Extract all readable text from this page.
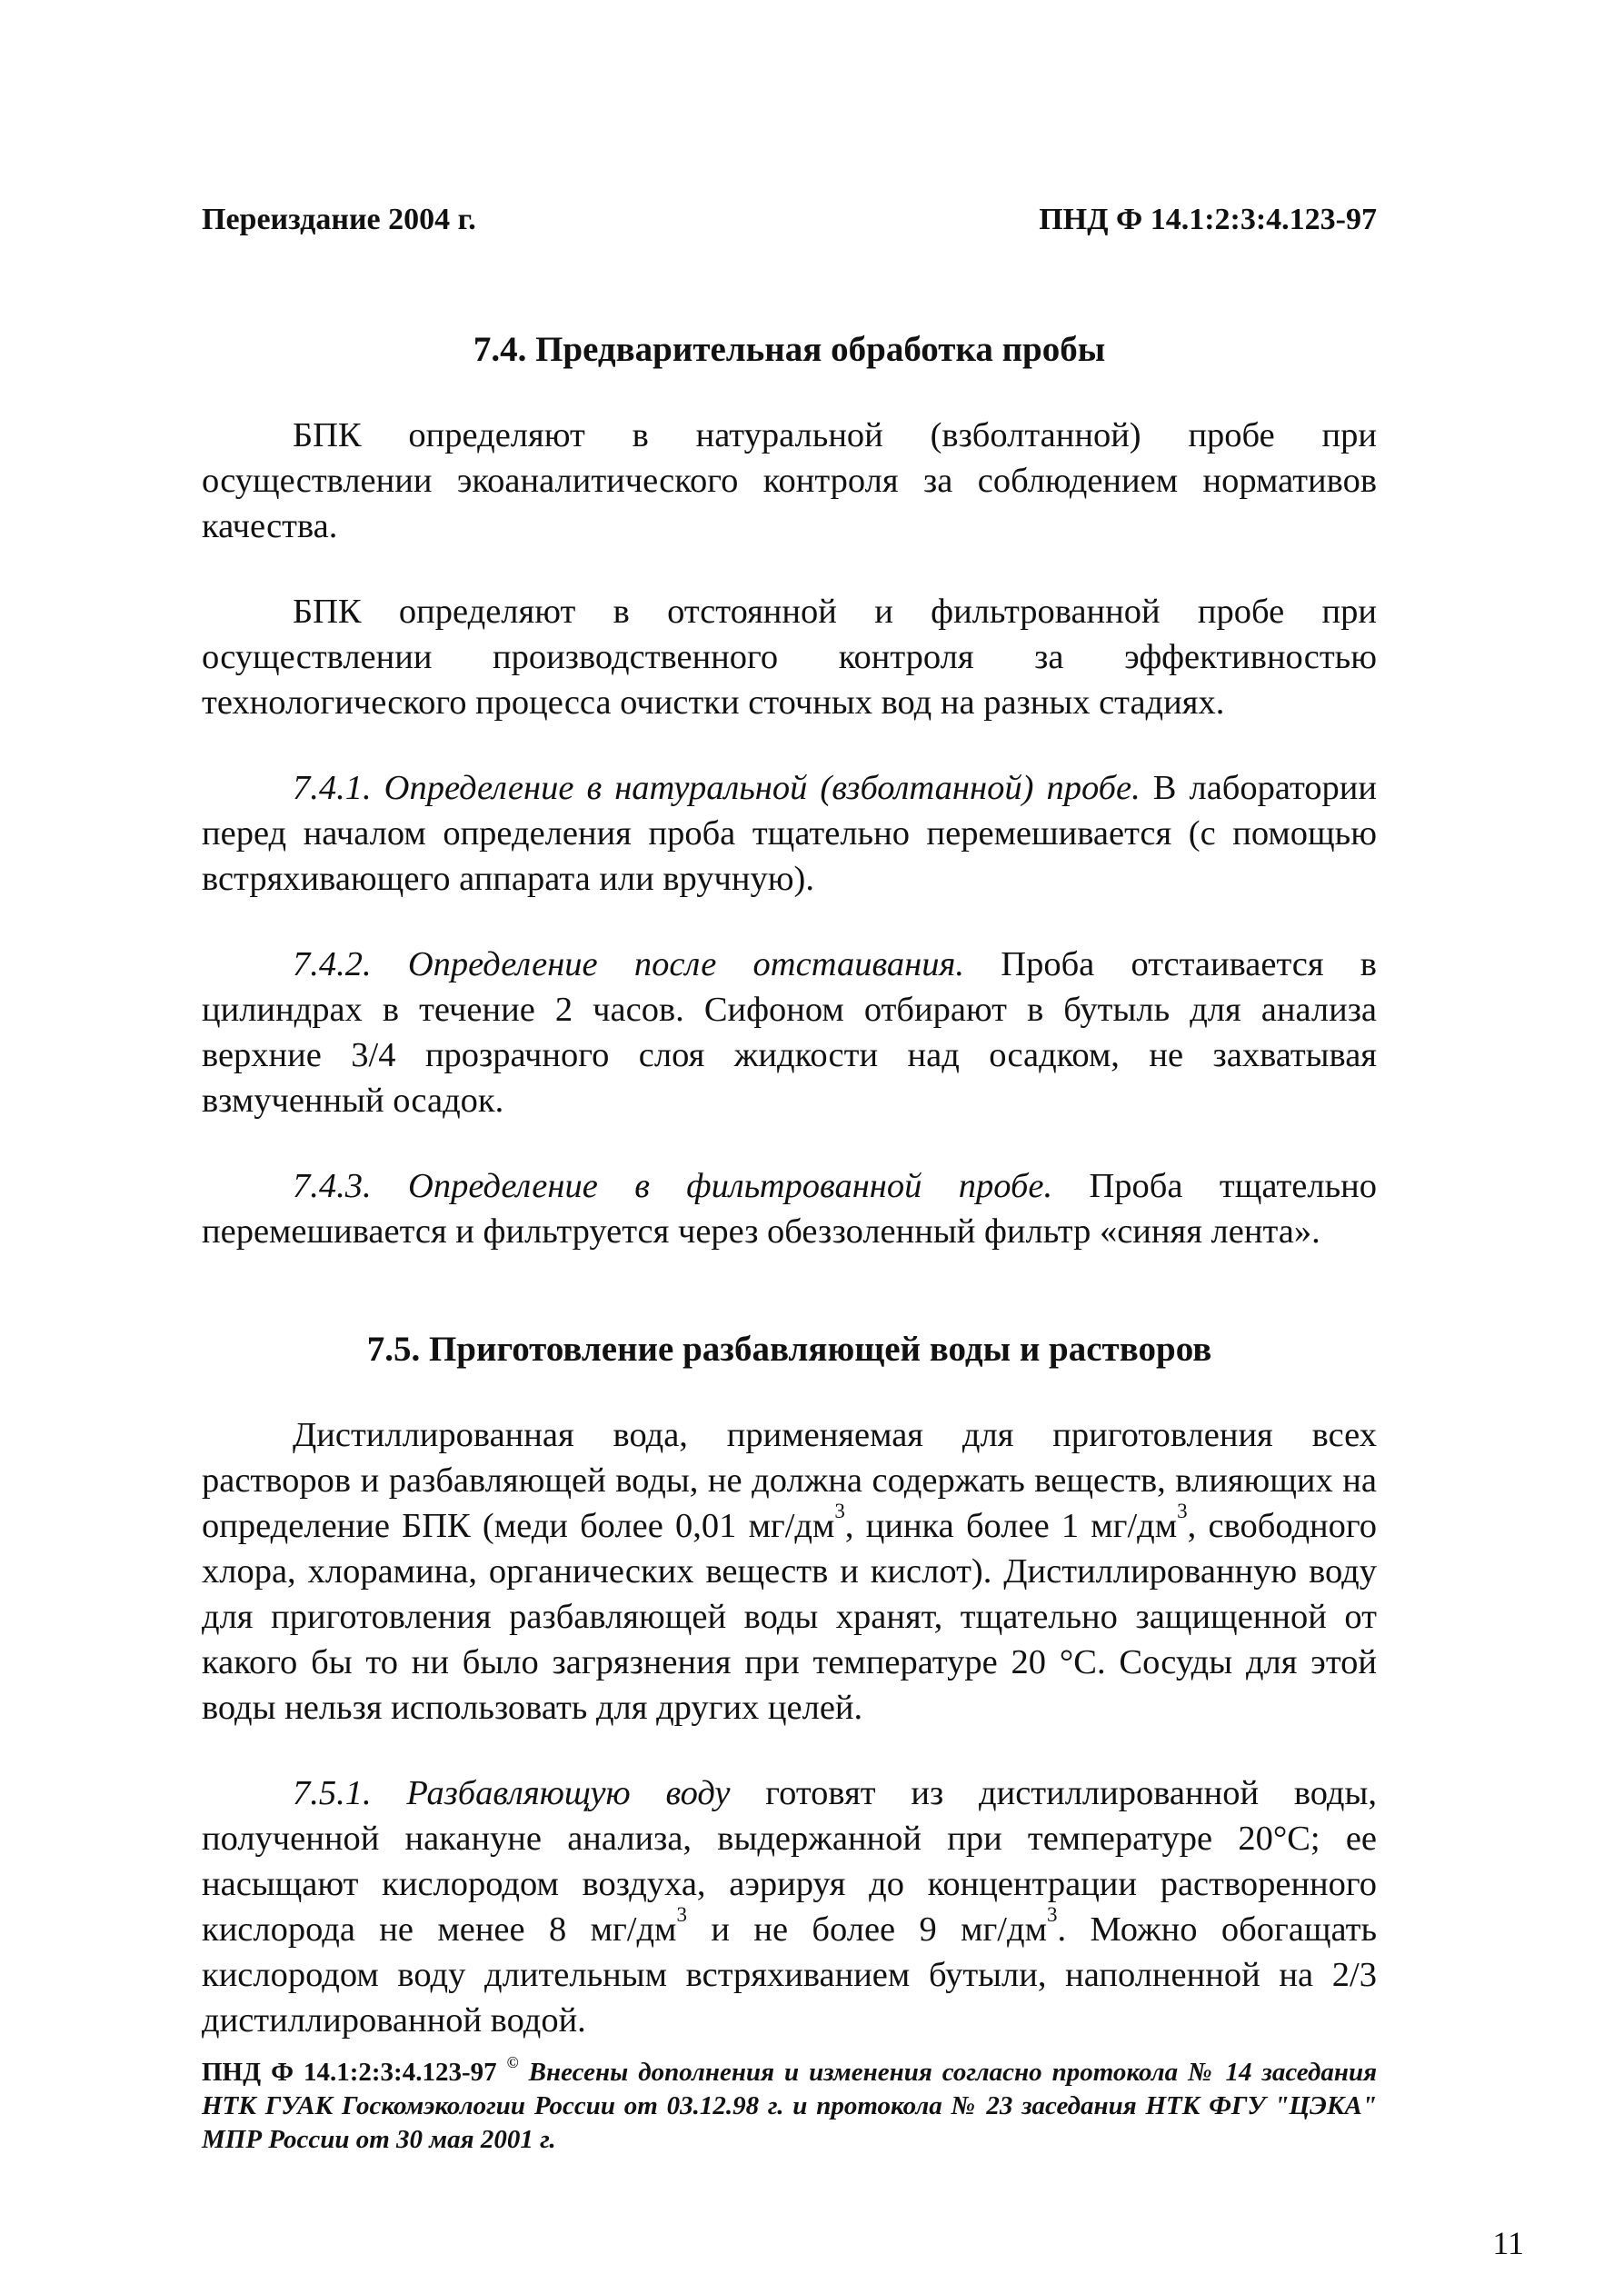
Переиздание 2004 г.	ПНД Ф 14.1:2:3:4.123-97
7.4. Предварительная обработка пробы

БПК определяют в натуральной (взболтанной) пробе при осуществлении экоаналитического контроля за соблюдением нормативов качества.

БПК определяют в отстоянной и фильтрованной пробе при осуществлении производственного контроля за эффективностью технологического процесса очистки сточных вод на разных стадиях.

7.4.1. Определение в натуральной (взболтанной) пробе. В лаборатории перед началом определения проба тщательно перемешивается (с помощью встряхивающего аппарата или вручную).

7.4.2. Определение после отстаивания. Проба отстаивается в цилиндрах в течение 2 часов. Сифоном отбирают в бутыль для анализа верхние 3/4 прозрачного слоя жидкости над осадком, не захватывая взмученный осадок.

7.4.3. Определение в фильтрованной пробе. Проба тщательно перемешивается и фильтруется через обеззоленный фильтр «синяя лента».

7.5. Приготовление разбавляющей воды и растворов

Дистиллированная вода, применяемая для приготовления всех растворов и разбавляющей воды, не должна содержать веществ, влияющих на определение БПК (меди более 0,01 $мг/дм^3$, цинка более 1 $мг/дм^3$, свободного хлора, хлорамина, органических веществ и кислот). Дистиллированную воду для приготовления разбавляющей воды хранят, тщательно защищенной от какого бы то ни было загрязнения при температуре 20 °С. Сосуды для этой воды нельзя использовать для других целей.

7.5.1. Разбавляющую воду готовят из дистиллированной воды, полученной накануне анализа, выдержанной при температуре 20°С; ее насыщают кислородом воздуха, аэрируя до концентрации растворенного кислорода не менее 8 $мг/дм^3$ и не более 9 $мг/дм^3$. Можно обогащать кислородом воду длительным встряхиванием бутыли, наполненной на 2/3 дистиллированной водой.

ПНД Ф 14.1:2:3:4.123-97 © Внесены дополнения и изменения согласно протокола № 14 заседания НТК ГУАК Госкомэкологии России от 03.12.98 г. и протокола № 23 заседания НТК ФГУ "ЦЭКА" МПР России от 30 мая 2001 г.
11
